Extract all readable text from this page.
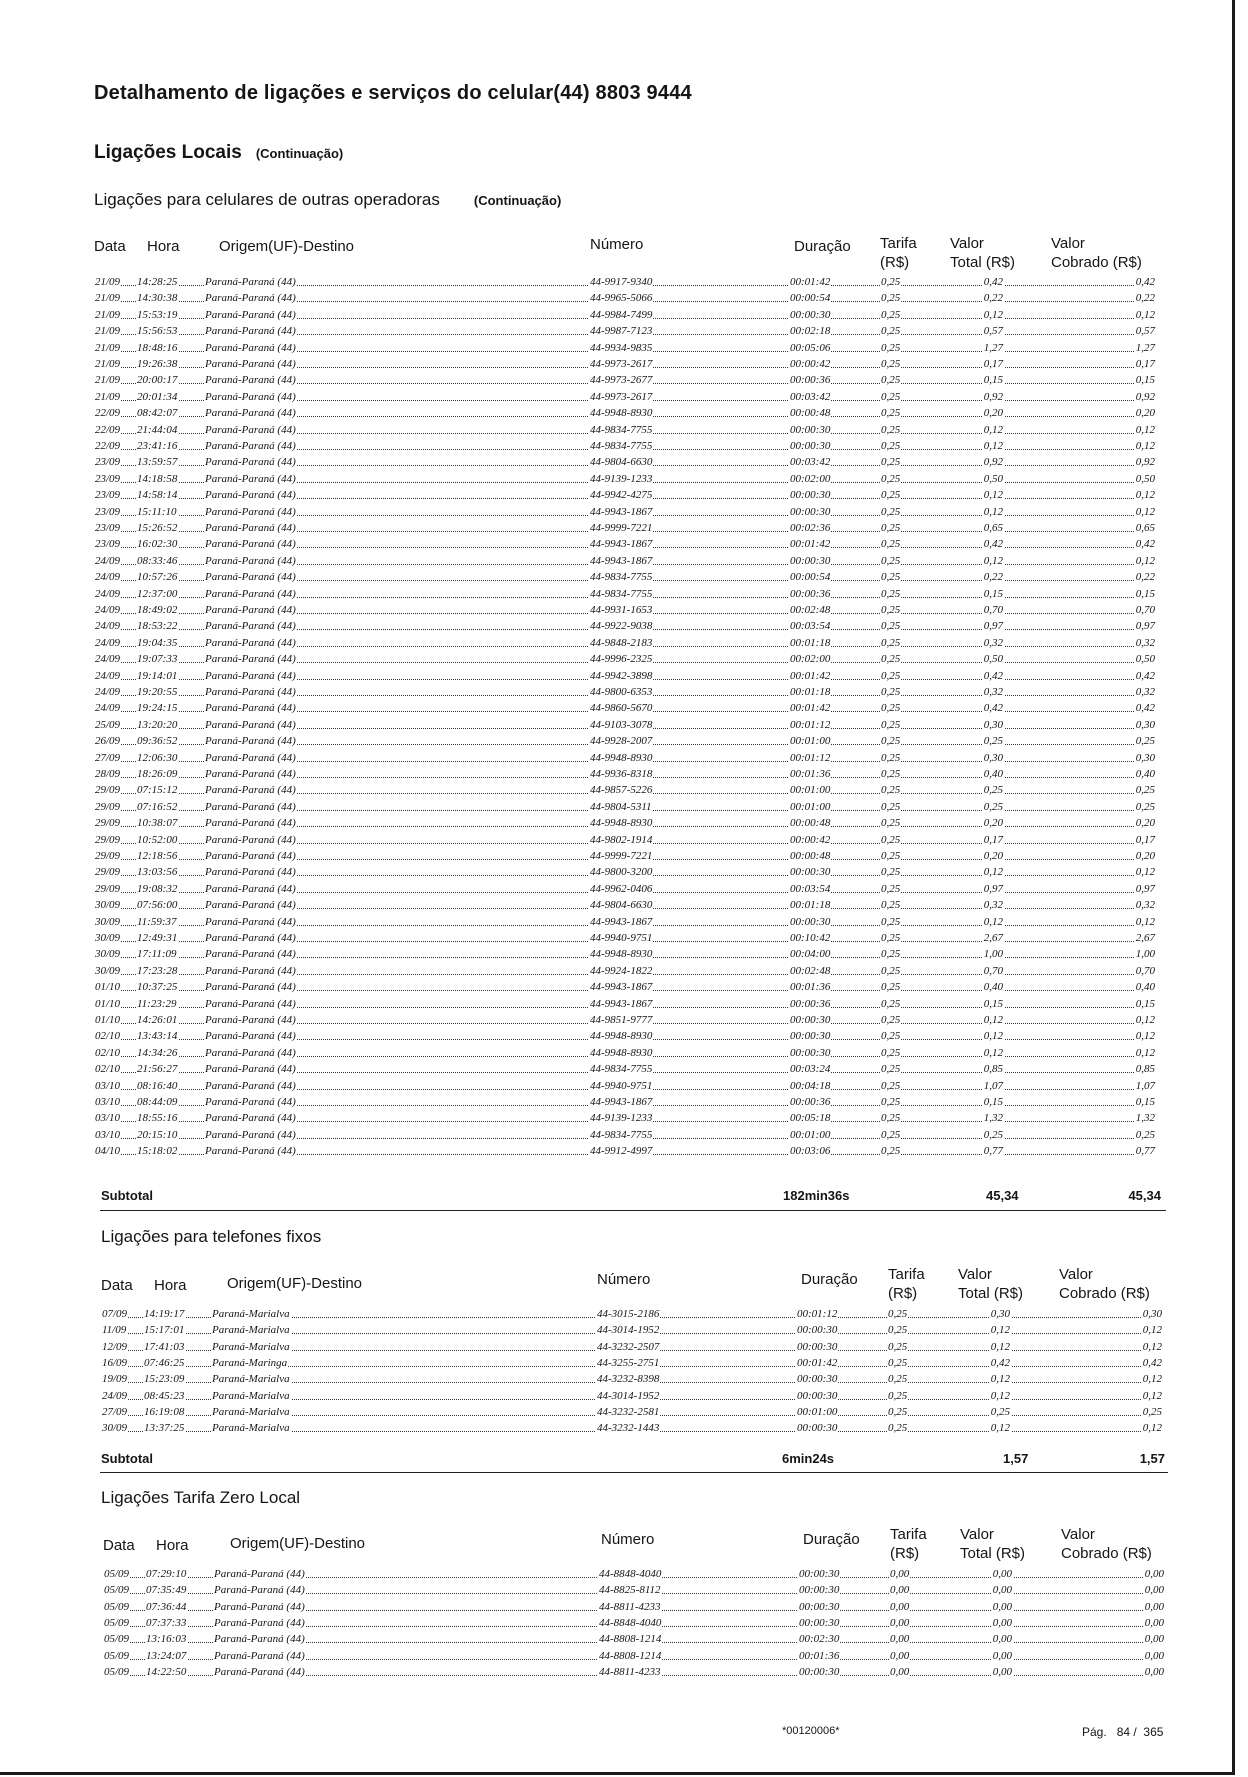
Detalhamento de ligações e serviços do celular(44) 8803 9444
Ligações Locais (Continuação)
Ligações para celulares de outras operadoras	(Continuação)
Data Hora	Origem(UF)-Destino	Número	Duração Tarifa
(R$)
Valor
Total (R$)
Valor
Cobrado (R$)
21/09 14:28:25	Paraná-Paraná (44)	44-9917-9340	00:01:42	0,25	0,42	0,42
21/09 14:30:38	Paraná-Paraná (44)	44-9965-5066	00:00:54	0,25	0,22	0,22
21/09 15:53:19	Paraná-Paraná (44)	44-9984-7499	00:00:30	0,25	0,12	0,12
21/09 15:56:53	Paraná-Paraná (44)	44-9987-7123	00:02:18	0,25	0,57	0,57
21/09 18:48:16	Paraná-Paraná (44)	44-9934-9835	00:05:06	0,25	1,27	1,27
21/09 19:26:38	Paraná-Paraná (44)	44-9973-2617	00:00:42	0,25	0,17	0,17
21/09 20:00:17	Paraná-Paraná (44)	44-9973-2677	00:00:36	0,25	0,15	0,15
21/09 20:01:34	Paraná-Paraná (44)	44-9973-2617	00:03:42	0,25	0,92	0,92
22/09 08:42:07	Paraná-Paraná (44)	44-9948-8930	00:00:48	0,25	0,20	0,20
22/09 21:44:04	Paraná-Paraná (44)	44-9834-7755	00:00:30	0,25	0,12	0,12
22/09 23:41:16	Paraná-Paraná (44)	44-9834-7755	00:00:30	0,25	0,12	0,12
23/09 13:59:57	Paraná-Paraná (44)	44-9804-6630	00:03:42	0,25	0,92	0,92
23/09 14:18:58	Paraná-Paraná (44)	44-9139-1233	00:02:00	0,25	0,50	0,50
23/09 14:58:14	Paraná-Paraná (44)	44-9942-4275	00:00:30	0,25	0,12	0,12
23/09 15:11:10	Paraná-Paraná (44)	44-9943-1867	00:00:30	0,25	0,12	0,12
23/09 15:26:52	Paraná-Paraná (44)	44-9999-7221	00:02:36	0,25	0,65	0,65
23/09 16:02:30	Paraná-Paraná (44)	44-9943-1867	00:01:42	0,25	0,42	0,42
24/09 08:33:46	Paraná-Paraná (44)	44-9943-1867	00:00:30	0,25	0,12	0,12
24/09 10:57:26	Paraná-Paraná (44)	44-9834-7755	00:00:54	0,25	0,22	0,22
24/09 12:37:00	Paraná-Paraná (44)	44-9834-7755	00:00:36	0,25	0,15	0,15
24/09 18:49:02	Paraná-Paraná (44)	44-9931-1653	00:02:48	0,25	0,70	0,70
24/09 18:53:22	Paraná-Paraná (44)	44-9922-9038	00:03:54	0,25	0,97	0,97
24/09 19:04:35	Paraná-Paraná (44)	44-9848-2183	00:01:18	0,25	0,32	0,32
24/09 19:07:33	Paraná-Paraná (44)	44-9996-2325	00:02:00	0,25	0,50	0,50
24/09 19:14:01	Paraná-Paraná (44)	44-9942-3898	00:01:42	0,25	0,42	0,42
24/09 19:20:55	Paraná-Paraná (44)	44-9800-6353	00:01:18	0,25	0,32	0,32
24/09 19:24:15	Paraná-Paraná (44)	44-9860-5670	00:01:42	0,25	0,42	0,42
25/09 13:20:20	Paraná-Paraná (44)	44-9103-3078	00:01:12	0,25	0,30	0,30
26/09 09:36:52	Paraná-Paraná (44)	44-9928-2007	00:01:00	0,25	0,25	0,25
27/09 12:06:30	Paraná-Paraná (44)	44-9948-8930	00:01:12	0,25	0,30	0,30
28/09 18:26:09	Paraná-Paraná (44)	44-9936-8318	00:01:36	0,25	0,40	0,40
29/09 07:15:12	Paraná-Paraná (44)	44-9857-5226	00:01:00	0,25	0,25	0,25
29/09 07:16:52	Paraná-Paraná (44)	44-9804-5311	00:01:00	0,25	0,25	0,25
29/09 10:38:07	Paraná-Paraná (44)	44-9948-8930	00:00:48	0,25	0,20	0,20
29/09 10:52:00	Paraná-Paraná (44)	44-9802-1914	00:00:42	0,25	0,17	0,17
29/09 12:18:56	Paraná-Paraná (44)	44-9999-7221	00:00:48	0,25	0,20	0,20
29/09 13:03:56	Paraná-Paraná (44)	44-9800-3200	00:00:30	0,25	0,12	0,12
29/09 19:08:32	Paraná-Paraná (44)	44-9962-0406	00:03:54	0,25	0,97	0,97
30/09 07:56:00	Paraná-Paraná (44)	44-9804-6630	00:01:18	0,25	0,32	0,32
30/09 11:59:37	Paraná-Paraná (44)	44-9943-1867	00:00:30	0,25	0,12	0,12
30/09 12:49:31	Paraná-Paraná (44)	44-9940-9751	00:10:42	0,25	2,67	2,67
30/09 17:11:09	Paraná-Paraná (44)	44-9948-8930	00:04:00	0,25	1,00	1,00
30/09 17:23:28	Paraná-Paraná (44)	44-9924-1822	00:02:48	0,25	0,70	0,70
01/10 10:37:25	Paraná-Paraná (44)	44-9943-1867	00:01:36	0,25	0,40	0,40
01/10 11:23:29	Paraná-Paraná (44)	44-9943-1867	00:00:36	0,25	0,15	0,15
01/10 14:26:01	Paraná-Paraná (44)	44-9851-9777	00:00:30	0,25	0,12	0,12
02/10 13:43:14	Paraná-Paraná (44)	44-9948-8930	00:00:30	0,25	0,12	0,12
02/10 14:34:26	Paraná-Paraná (44)	44-9948-8930	00:00:30	0,25	0,12	0,12
02/10 21:56:27	Paraná-Paraná (44)	44-9834-7755	00:03:24	0,25	0,85	0,85
03/10 08:16:40	Paraná-Paraná (44)	44-9940-9751	00:04:18	0,25	1,07	1,07
03/10 08:44:09	Paraná-Paraná (44)	44-9943-1867	00:00:36	0,25	0,15	0,15
03/10 18:55:16	Paraná-Paraná (44)	44-9139-1233	00:05:18	0,25	1,32	1,32
03/10 20:15:10	Paraná-Paraná (44)	44-9834-7755	00:01:00	0,25	0,25	0,25
04/10 15:18:02	Paraná-Paraná (44)	44-9912-4997	00:03:06	0,25	0,77	0,77
Subtotal	182min36s	45,34	45,34
Ligações para telefones fixos
Data Hora	Origem(UF)-Destino	Número	Duração Tarifa
(R$)
Valor
Total (R$)
Valor
Cobrado (R$)
07/09 14:19:17	Paraná-Marialva	44-3015-2186	00:01:12	0,25	0,30	0,30
11/09 15:17:01	Paraná-Marialva	44-3014-1952	00:00:30	0,25	0,12	0,12
12/09 17:41:03	Paraná-Marialva	44-3232-2507	00:00:30	0,25	0,12	0,12
16/09 07:46:25	Paraná-Maringa	44-3255-2751	00:01:42	0,25	0,42	0,42
19/09 15:23:09	Paraná-Marialva	44-3232-8398	00:00:30	0,25	0,12	0,12
24/09 08:45:23	Paraná-Marialva	44-3014-1952	00:00:30	0,25	0,12	0,12
27/09 16:19:08	Paraná-Marialva	44-3232-2581	00:01:00	0,25	0,25	0,25
30/09 13:37:25	Paraná-Marialva	44-3232-1443	00:00:30	0,25	0,12	0,12
Subtotal	6min24s	1,57	1,57
Ligações Tarifa Zero Local
Data Hora	Origem(UF)-Destino	Número	Duração Tarifa
(R$)
Valor
Total (R$)
Valor
Cobrado (R$)
05/09 07:29:10	Paraná-Paraná (44)	44-8848-4040	00:00:30	0,00	0,00	0,00
05/09 07:35:49	Paraná-Paraná (44)	44-8825-8112	00:00:30	0,00	0,00	0,00
05/09 07:36:44	Paraná-Paraná (44)	44-8811-4233	00:00:30	0,00	0,00	0,00
05/09 07:37:33	Paraná-Paraná (44)	44-8848-4040	00:00:30	0,00	0,00	0,00
05/09 13:16:03	Paraná-Paraná (44)	44-8808-1214	00:02:30	0,00	0,00	0,00
05/09 13:24:07	Paraná-Paraná (44)	44-8808-1214	00:01:36	0,00	0,00	0,00
05/09 14:22:50	Paraná-Paraná (44)	44-8811-4233	00:00:30	0,00	0,00	0,00
*00120006*	Pág. 84 / 365
